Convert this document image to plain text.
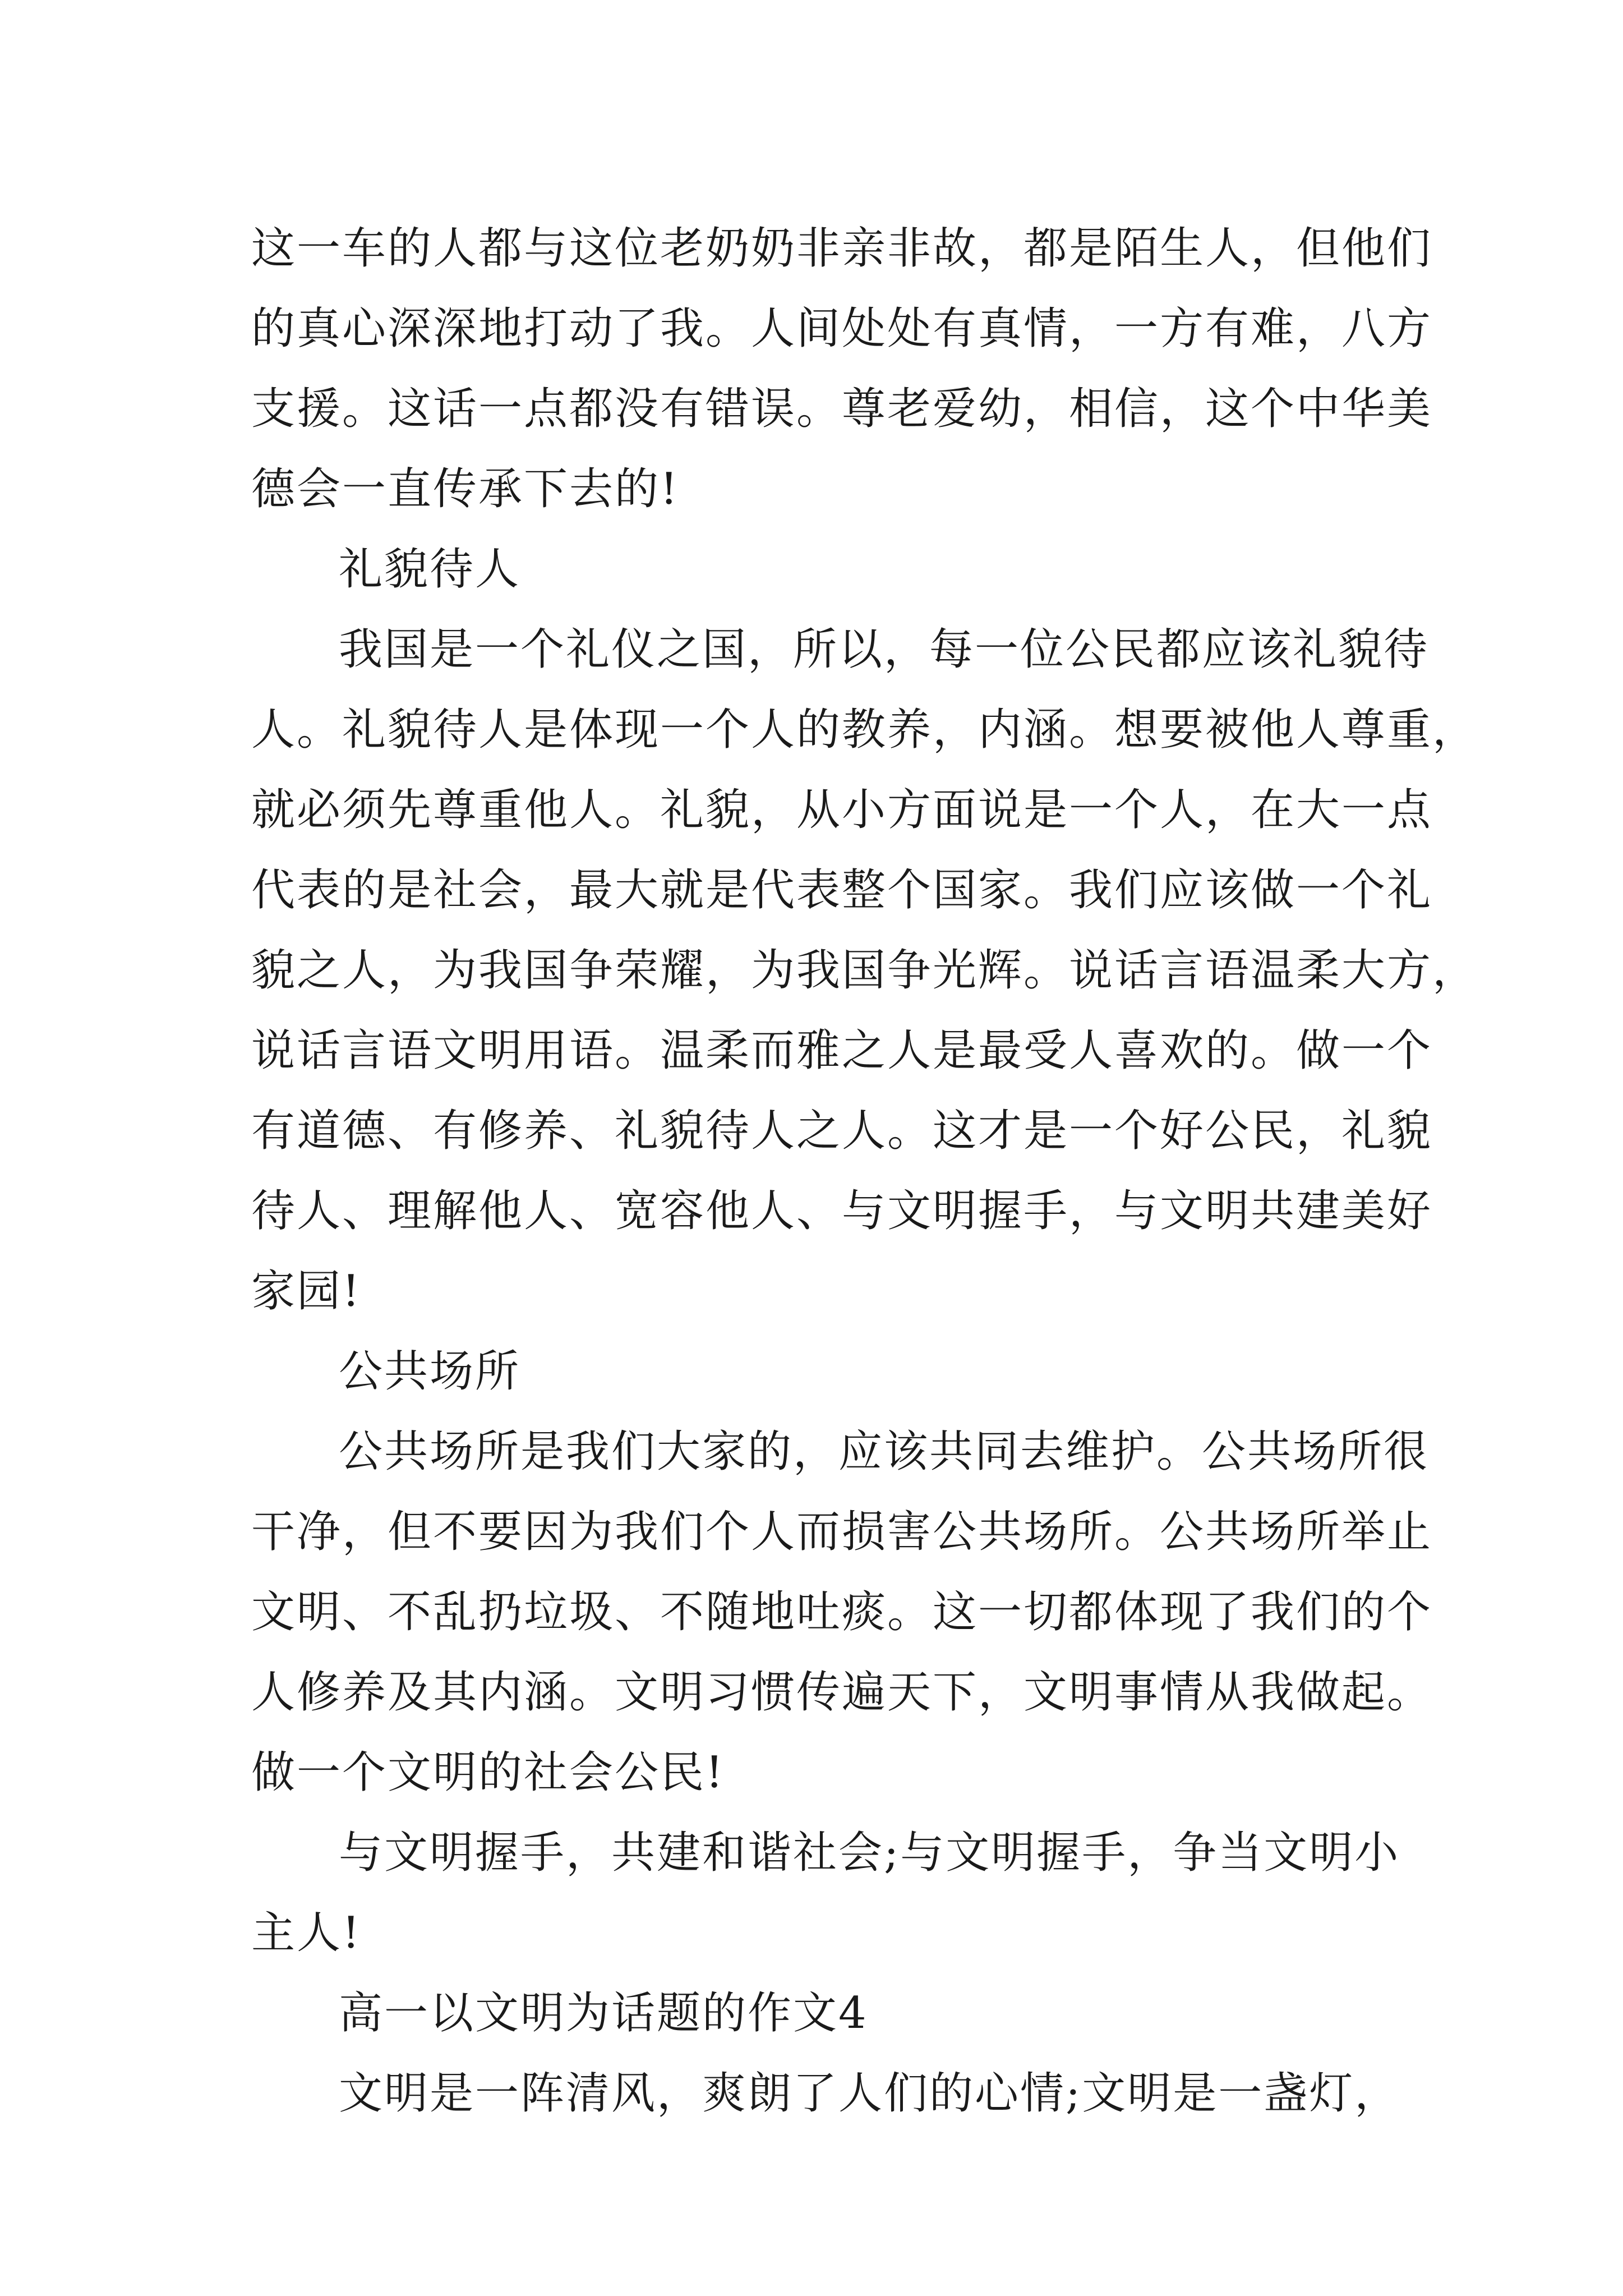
这一车的人都与这位老奶奶非亲非故，都是陌生人，但他们
的真心深深地打动了我。人间处处有真情，一方有难，八方
支援。这话一点都没有错误。尊老爱幼，相信，这个中华美
德会一直传承下去的!
礼貌待人
我国是一个礼仪之国，所以，每一位公民都应该礼貌待
人。礼貌待人是体现一个人的教养，内涵。想要被他人尊重，
就必须先尊重他人。礼貌，从小方面说是一个人，在大一点
代表的是社会，最大就是代表整个国家。我们应该做一个礼
貌之人，为我国争荣耀，为我国争光辉。说话言语温柔大方，
说话言语文明用语。温柔而雅之人是最受人喜欢的。做一个
有道德、有修养、礼貌待人之人。这才是一个好公民，礼貌
待人、理解他人、宽容他人、与文明握手，与文明共建美好
家园!
公共场所
公共场所是我们大家的，应该共同去维护。公共场所很
干净，但不要因为我们个人而损害公共场所。公共场所举止
文明、不乱扔垃圾、不随地吐痰。这一切都体现了我们的个
人修养及其内涵。文明习惯传遍天下，文明事情从我做起。
做一个文明的社会公民!
与文明握手，共建和谐社会;与文明握手，争当文明小
主人!
高一以文明为话题的作文4
文明是一阵清风，爽朗了人们的心情;文明是一盏灯，
